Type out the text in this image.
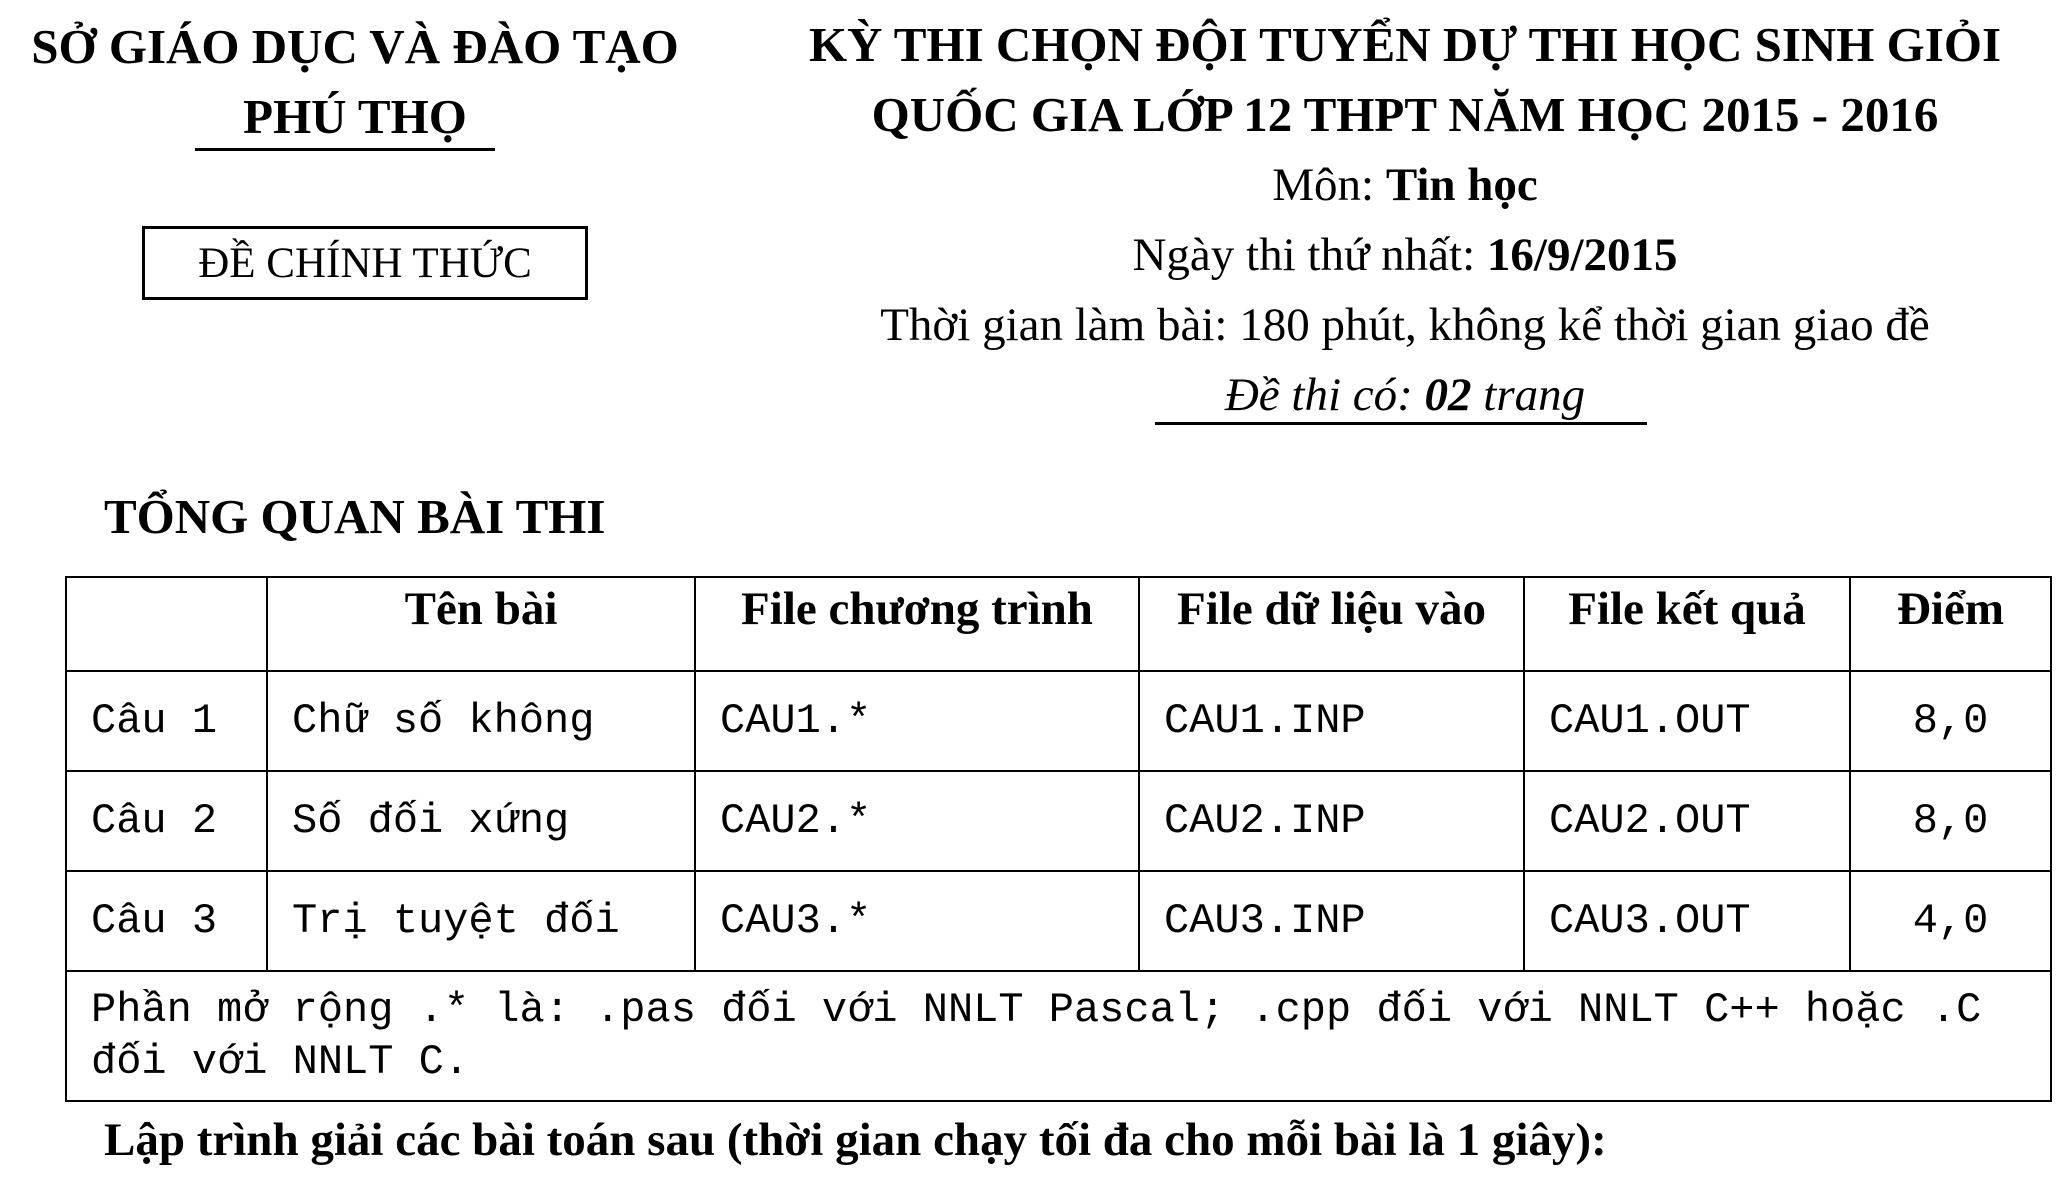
SỞ GIÁO DỤC VÀ ĐÀO TẠO
PHÚ THỌ
ĐỀ CHÍNH THỨC
KỲ THI CHỌN ĐỘI TUYỂN DỰ THI HỌC SINH GIỎI
QUỐC GIA LỚP 12 THPT NĂM HỌC 2015 - 2016
Môn: Tin học
Ngày thi thứ nhất: 16/9/2015
Thời gian làm bài: 180 phút, không kể thời gian giao đề
Đề thi có: 02 trang
TỔNG QUAN BÀI THI
	Tên bài	File chương trình	File dữ liệu vào	File kết quả	Điểm
Câu 1	Chữ số không	CAU1.*	CAU1.INP	CAU1.OUT	8,0
Câu 2	Số đối xứng	CAU2.*	CAU2.INP	CAU2.OUT	8,0
Câu 3	Trị tuyệt đối	CAU3.*	CAU3.INP	CAU3.OUT	4,0
Phần mở rộng .* là: .pas đối với NNLT Pascal; .cpp đối với NNLT C++ hoặc .C đối với NNLT C.					
Lập trình giải các bài toán sau (thời gian chạy tối đa cho mỗi bài là 1 giây):
